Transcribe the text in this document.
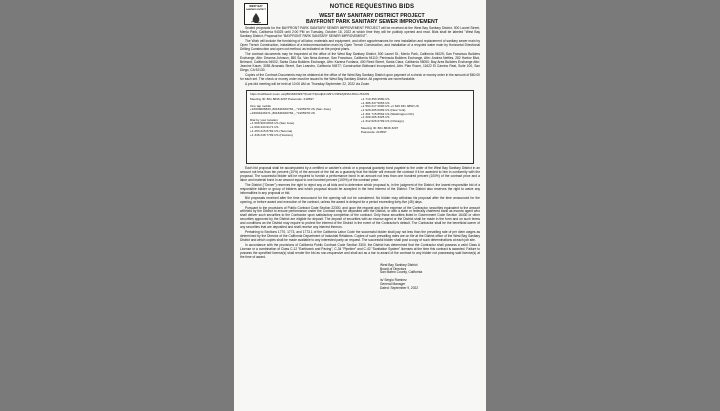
WEST BAY
SANITARY DISTRICT	NOTICE REQUESTING BIDS
WEST BAY SANITARY DISTRICT PROJECT
BAYFRONT PARK SANITARY SEWER IMPROVEMENT

Sealed proposals for the BAYFRONT PARK SANITARY SEWER IMPROVEMENT PROJECT will be received at the West Bay Sanitary District, 500 Laurel Street, Menlo Park, California 94025 until 2:00 PM on Tuesday, October 18, 2022 at which time they will be publicly opened and read. Bids shall be labeled "West Bay Sanitary District, Proposal for "BAYFRONT PARK SANITARY SEWER IMPROVEMENT".

The Work will include the furnishing of all labor, materials and equipment, and other appurtenances for new installation and replacement of sanitary sewer main by Open Trench Construction, installation of a telecommunication main by Open Trench Construction, and installation of a recycled water main by Horizontal Directional Drilling Construction and open cut method, as indicated on the project plans.

The contract documents may be inspected at the office of the West Bay Sanitary District, 500 Laurel St., Menlo Park, California 94025; San Francisco Builders Exchange, Attn: Deanna Johnson, 850 So. Van Ness Avenue, San Francisco, California 94110; Peninsula Builders Exchange, Attn: Andrea Nettles, 282 Harbor Blvd, Belmont, California 94002; Santa Clara Builders Exchange, Attn: Karena Fontana, 400 Reed Street, Santa Clara, California 95050; Bay Area Builders Exchange Attn: Jeanine Kauer, 3055 Alvarado Street, San Leandro, California 94577; Construction Bidboard Incorporated, Attn: Plan Room, 11622 El Camino Real, Suite 100, San Diego, CA 92130.

Copies of the Contract Documents may be obtained at the office of the West Bay Sanitary District upon payment of a check or money order in the amount of $60.00 for each set. The check or money order must be issued to the West Bay Sanitary District. All payments are nonrefundable.

A pre-bid meeting will be held at 10:00 AM on Thursday September 22, 2022 via Zoom.

https://us06web.zoom.us/j/8018463297?pwd=TlpGdjh1U29YcVRSZjhNbzJKbmJTdz09
Meeting ID: 801 8846 3297 Passcode: 210597
One tap mobile
+16699006833,,80184632973#,,,,*210597# US (San Jose)
+16694449171,,80184632973#,,,,*210597# US
Dial by your location
+1 669 900 6833 US (San Jose)
+1 669 444 9171 US
+1 253 215 8782 US (Tacoma)
+1 346 248 7799 US (Houston)
+1 719 359 4580 US
+1 386 347 5053 US
+1 564 217 2000 US +1 646 931 3860 US
+1 929 205 6099 US (New York)
+1 301 715 8592 US (Washington DC)
+1 309 205 3325 US
+1 312 626 6799 US (Chicago)
Meeting ID: 801 8846 3297
Passcode: 210597

Each bid proposal shall be accompanied by a certified or cashier's check or a proposal guaranty bond payable to the order of the West Bay Sanitary District in an amount not less than ten percent (10%) of the amount of the bid as a guaranty that the bidder will execute the contract if it be awarded to him in conformity with the proposal. The successful bidder will be required to furnish a performance bond in an amount not less than one hundred percent (100%) of the contract price and a labor and material bond in an amount equal to one hundred percent (100%) of the contract price.

The District ("Owner") reserves the right to reject any or all bids and to determine which proposal is, in the judgment of the District, the lowest responsible bid of a responsible bidder or group of bidders and which proposal should be accepted in the best interest of the District. The District also reserves the right to waive any informalities in any proposal or bid.

Bid proposals received after the time announced for the opening will not be considered. No bidder may withdraw his proposal after the time announced for the opening, or before award and execution of the contract, unless the award is delayed for a period exceeding forty-five (45) days.

Pursuant to the provisions of Public Contract Code Section 22300, and upon the request and at the expense of the Contractor, securities equivalent to the amount withheld by the District to ensure performance under the Contract may be deposited with the District, or with a state or federally chartered bank as escrow agent who shall deliver such securities to the Contractor upon satisfactory completion of the contract. Only those securities listed in Government Code Section 16430 or other securities approved by the District are eligible for deposit. The deposit of securities with an escrow agent or the District shall be made in the form and on such terms and conditions as the District may require to protect the interest of the District in the event of the Contractor's default. The Contractor shall be the beneficial owner of any securities that are deposited and shall receive any interest thereon.

Pertaining to Sections 1770, 1773, and 1773.1 of the California Labor Code the successful bidder shall pay not less than the prevailing rate of per diem wages as determined by the Director of the California Department of Industrial Relations. Copies of such prevailing rates are on file at the District office of the West Bay Sanitary District and which copies shall be made available to any interested party on request. The successful bidder shall post a copy of such determinations at each job site.

In accordance with the provisions of California Public Contract Code Section 3300, the District has determined that the Contractor shall possess a valid Class A License or a combination of Class C-12 "Earthwork and Paving", C-34 "Pipeline" and C-42 "Sanitation System" licenses at the time this contract is awarded. Failure to possess the specified license(s) shall render the bid as non-responsive and shall act as a bar to award of the contract to any bidder not possessing said license(s) at the time of award.

West Bay Sanitary District
Board of Directors
San Mateo County, California
/s/ Sergio Ramirez
General Manager
Dated: September 9, 2022
